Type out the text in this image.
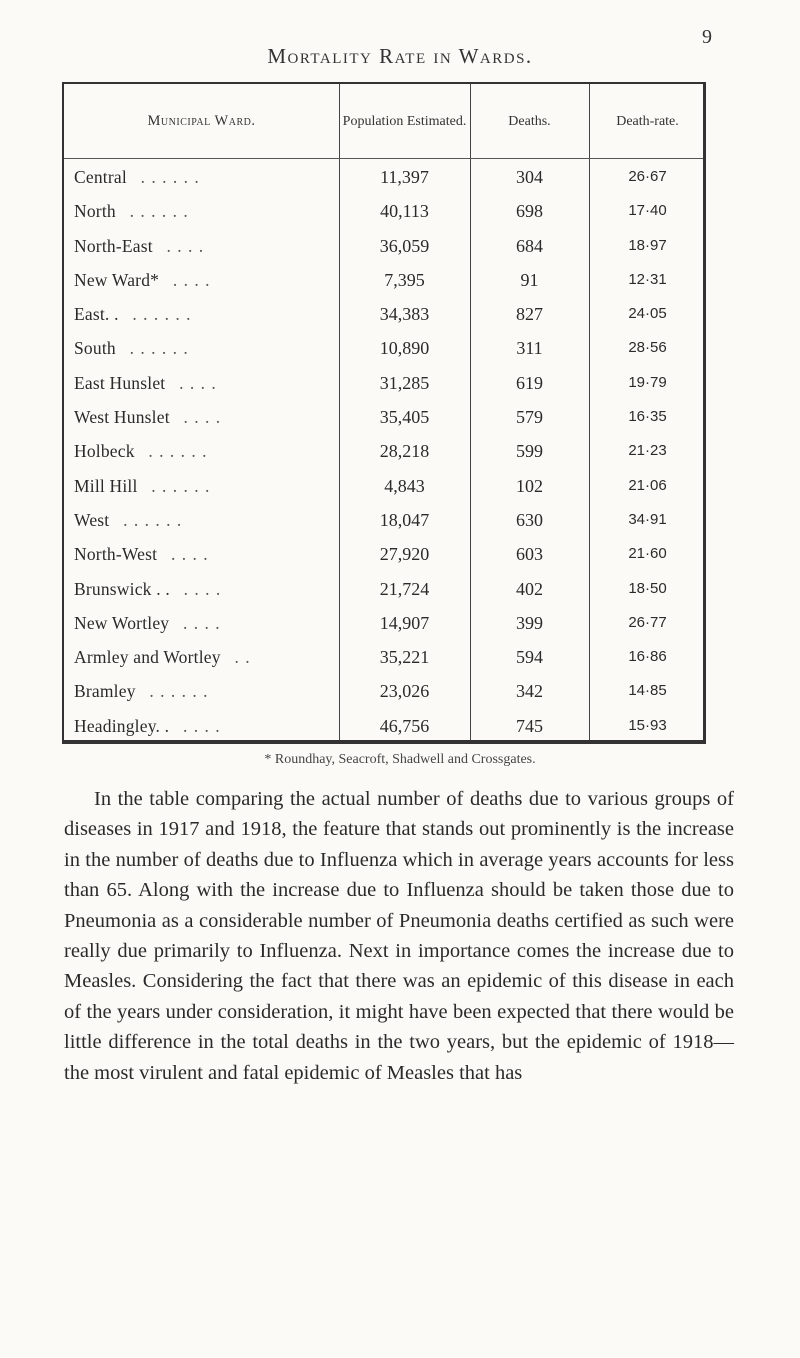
9
Mortality Rate in Wards.
Municipal Ward.	Population Estimated.	Deaths.	Death-rate.
Central . . . . . .	11,397	304	26·67
North . . . . . .	40,113	698	17·40
North-East . . . .	36,059	684	18·97
New Ward* . . . .	7,395	91	12·31
East. . . . . . . .	34,383	827	24·05
South . . . . . .	10,890	311	28·56
East Hunslet . . . .	31,285	619	19·79
West Hunslet . . . .	35,405	579	16·35
Holbeck . . . . . .	28,218	599	21·23
Mill Hill . . . . . .	4,843	102	21·06
West . . . . . .	18,047	630	34·91
North-West . . . .	27,920	603	21·60
Brunswick . . . . . .	21,724	402	18·50
New Wortley . . . .	14,907	399	26·77
Armley and Wortley . .	35,221	594	16·86
Bramley . . . . . .	23,026	342	14·85
Headingley. . . . . .	46,756	745	15·93
* Roundhay, Seacroft, Shadwell and Crossgates.
In the table comparing the actual number of deaths due to various groups of diseases in 1917 and 1918, the feature that stands out prominently is the increase in the number of deaths due to Influenza which in average years accounts for less than 65. Along with the increase due to Influenza should be taken those due to Pneumonia as a considerable number of Pneumonia deaths certified as such were really due primarily to Influenza. Next in importance comes the increase due to Measles. Considering the fact that there was an epidemic of this disease in each of the years under consideration, it might have been expected that there would be little difference in the total deaths in the two years, but the epidemic of 1918—the most virulent and fatal epidemic of Measles that has
